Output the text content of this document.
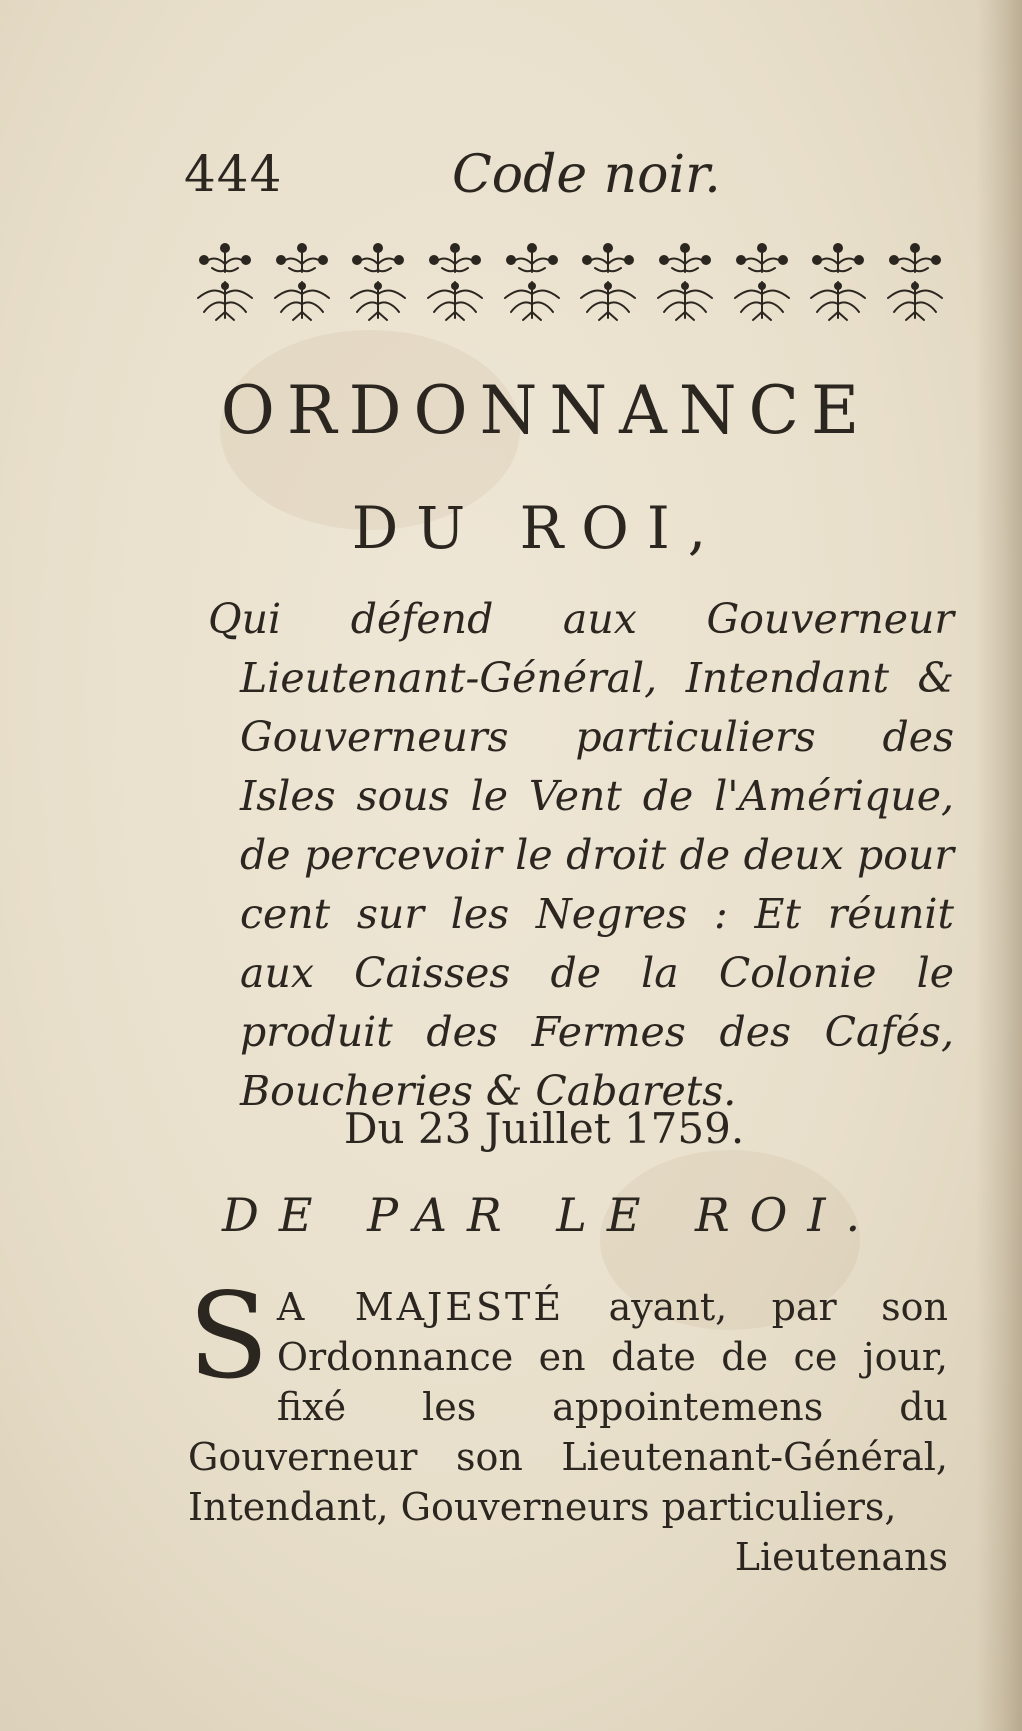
444	Code noir.
ORDONNANCE
DU ROI,
Qui défend aux Gouverneur Lieutenant-Général, Intendant & Gouverneurs particuliers des Isles sous le Vent de l'Amérique, de percevoir le droit de deux pour cent sur les Negres : Et réunit aux Caisses de la Colonie le produit des Fermes des Cafés, Boucheries & Cabarets.
Du 23 Juillet 1759.
DE PAR LE ROI.
S A MAJESTÉ ayant, par son Ordonnance en date de ce jour, fixé les appointemens du Gouverneur son Lieutenant-Général, Intendant, Gouverneurs particuliers,
Lieutenans
